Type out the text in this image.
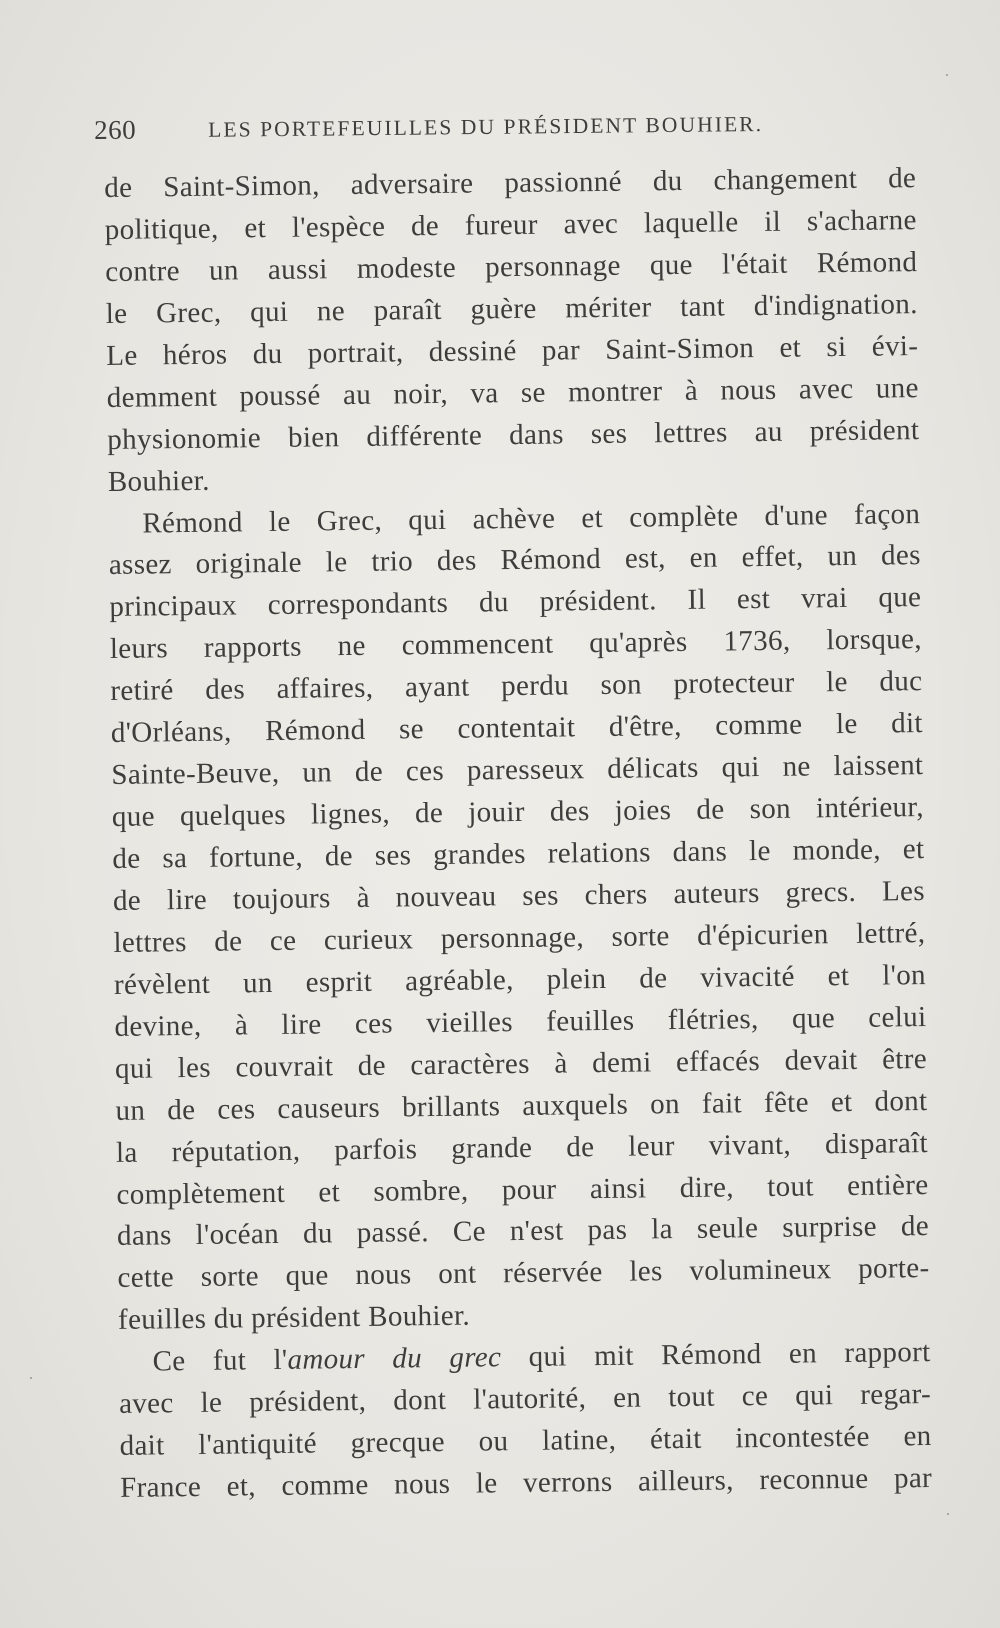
260	LES PORTEFEUILLES DU PRÉSIDENT BOUHIER.
de Saint-Simon, adversaire passionné du changement de
politique, et l'espèce de fureur avec laquelle il s'acharne
contre un aussi modeste personnage que l'était Rémond
le Grec, qui ne paraît guère mériter tant d'indignation.
Le héros du portrait, dessiné par Saint-Simon et si évi-
demment poussé au noir, va se montrer à nous avec une
physionomie bien différente dans ses lettres au président
Bouhier.
Rémond le Grec, qui achève et complète d'une façon
assez originale le trio des Rémond est, en effet, un des
principaux correspondants du président. Il est vrai que
leurs rapports ne commencent qu'après 1736, lorsque,
retiré des affaires, ayant perdu son protecteur le duc
d'Orléans, Rémond se contentait d'être, comme le dit
Sainte-Beuve, un de ces paresseux délicats qui ne laissent
que quelques lignes, de jouir des joies de son intérieur,
de sa fortune, de ses grandes relations dans le monde, et
de lire toujours à nouveau ses chers auteurs grecs. Les
lettres de ce curieux personnage, sorte d'épicurien lettré,
révèlent un esprit agréable, plein de vivacité et l'on
devine, à lire ces vieilles feuilles flétries, que celui
qui les couvrait de caractères à demi effacés devait être
un de ces causeurs brillants auxquels on fait fête et dont
la réputation, parfois grande de leur vivant, disparaît
complètement et sombre, pour ainsi dire, tout entière
dans l'océan du passé. Ce n'est pas la seule surprise de
cette sorte que nous ont réservée les volumineux porte-
feuilles du président Bouhier.
Ce fut l'amour du grec qui mit Rémond en rapport
avec le président, dont l'autorité, en tout ce qui regar-
dait l'antiquité grecque ou latine, était incontestée en
France et, comme nous le verrons ailleurs, reconnue par
